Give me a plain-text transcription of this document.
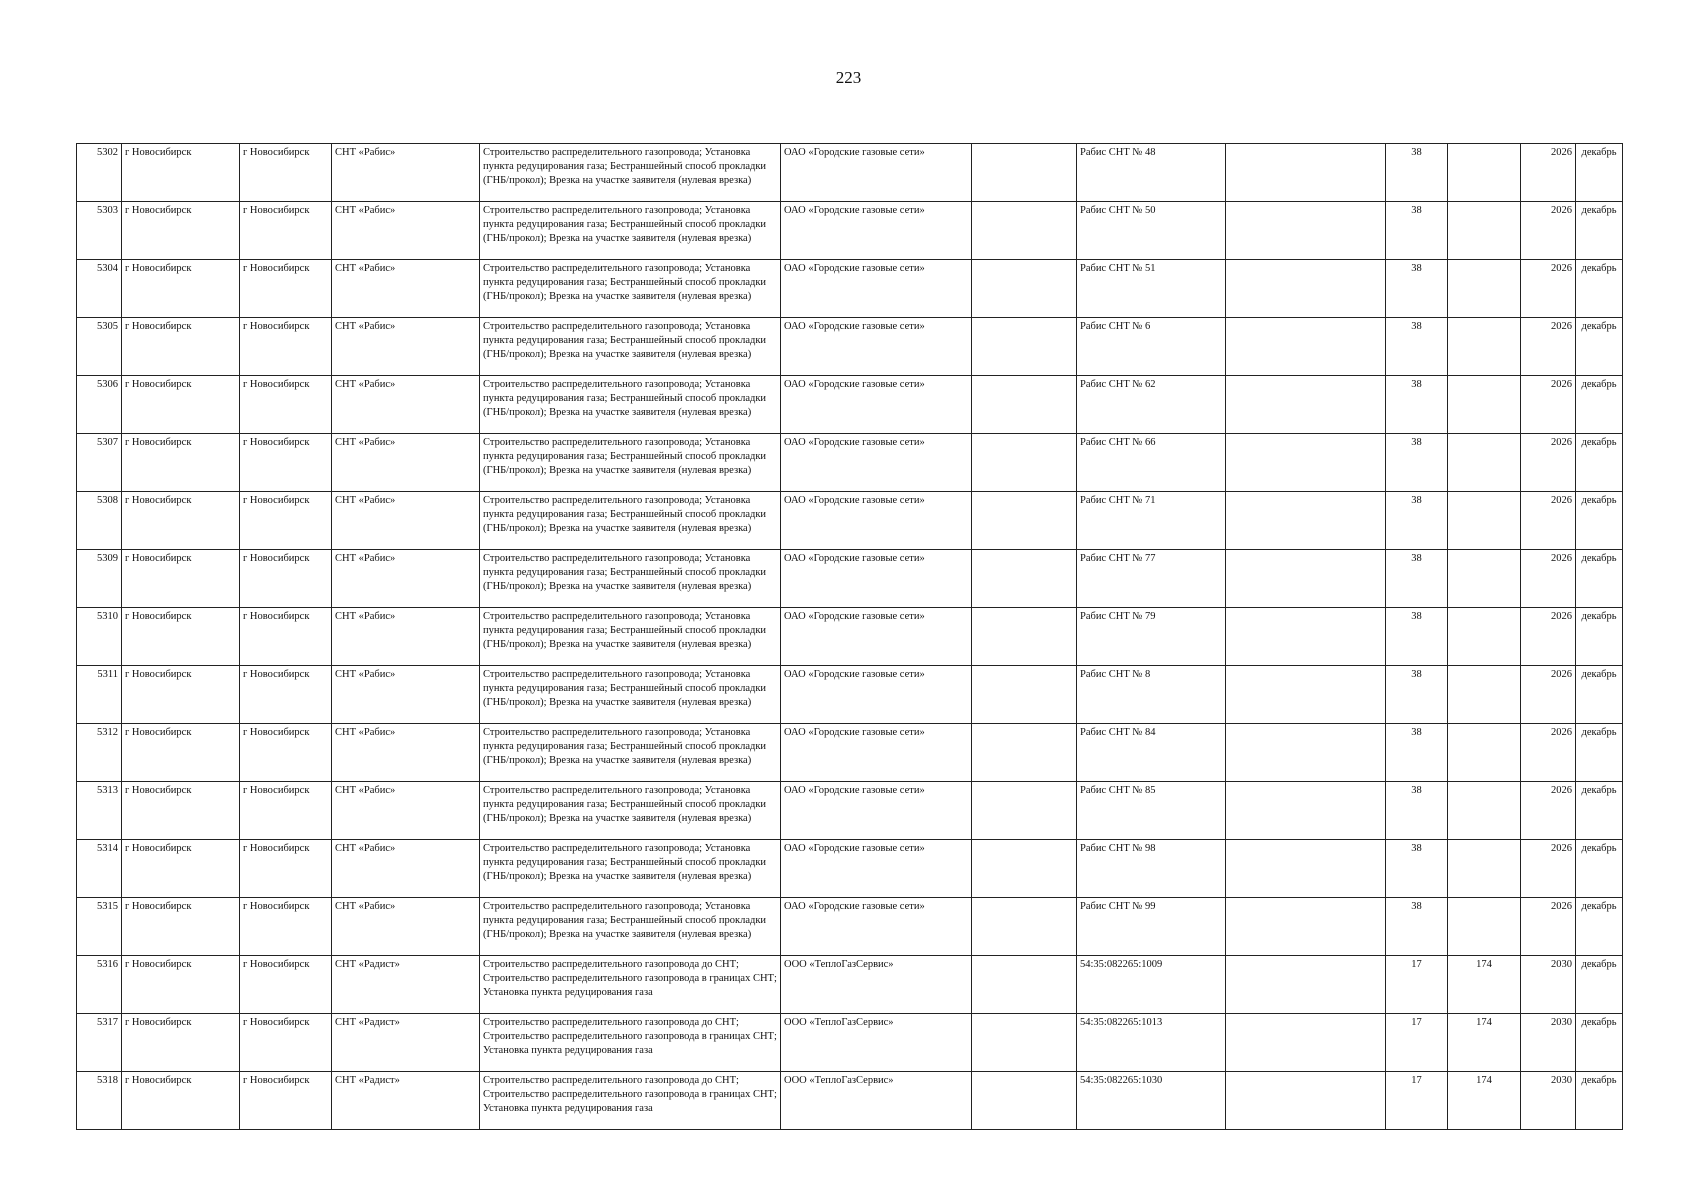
223
5302	г Новосибирск	г Новосибирск	СНТ «Рабис»	Строительство распределительного газопровода; Установка пункта редуцирования газа; Бестраншейный способ прокладки (ГНБ/прокол); Врезка на участке заявителя (нулевая врезка)	ОАО «Городские газовые сети»		Рабис СНТ № 48		38		2026	декабрь
5303	г Новосибирск	г Новосибирск	СНТ «Рабис»	Строительство распределительного газопровода; Установка пункта редуцирования газа; Бестраншейный способ прокладки (ГНБ/прокол); Врезка на участке заявителя (нулевая врезка)	ОАО «Городские газовые сети»		Рабис СНТ № 50		38		2026	декабрь
5304	г Новосибирск	г Новосибирск	СНТ «Рабис»	Строительство распределительного газопровода; Установка пункта редуцирования газа; Бестраншейный способ прокладки (ГНБ/прокол); Врезка на участке заявителя (нулевая врезка)	ОАО «Городские газовые сети»		Рабис СНТ № 51		38		2026	декабрь
5305	г Новосибирск	г Новосибирск	СНТ «Рабис»	Строительство распределительного газопровода; Установка пункта редуцирования газа; Бестраншейный способ прокладки (ГНБ/прокол); Врезка на участке заявителя (нулевая врезка)	ОАО «Городские газовые сети»		Рабис СНТ № 6		38		2026	декабрь
5306	г Новосибирск	г Новосибирск	СНТ «Рабис»	Строительство распределительного газопровода; Установка пункта редуцирования газа; Бестраншейный способ прокладки (ГНБ/прокол); Врезка на участке заявителя (нулевая врезка)	ОАО «Городские газовые сети»		Рабис СНТ № 62		38		2026	декабрь
5307	г Новосибирск	г Новосибирск	СНТ «Рабис»	Строительство распределительного газопровода; Установка пункта редуцирования газа; Бестраншейный способ прокладки (ГНБ/прокол); Врезка на участке заявителя (нулевая врезка)	ОАО «Городские газовые сети»		Рабис СНТ № 66		38		2026	декабрь
5308	г Новосибирск	г Новосибирск	СНТ «Рабис»	Строительство распределительного газопровода; Установка пункта редуцирования газа; Бестраншейный способ прокладки (ГНБ/прокол); Врезка на участке заявителя (нулевая врезка)	ОАО «Городские газовые сети»		Рабис СНТ № 71		38		2026	декабрь
5309	г Новосибирск	г Новосибирск	СНТ «Рабис»	Строительство распределительного газопровода; Установка пункта редуцирования газа; Бестраншейный способ прокладки (ГНБ/прокол); Врезка на участке заявителя (нулевая врезка)	ОАО «Городские газовые сети»		Рабис СНТ № 77		38		2026	декабрь
5310	г Новосибирск	г Новосибирск	СНТ «Рабис»	Строительство распределительного газопровода; Установка пункта редуцирования газа; Бестраншейный способ прокладки (ГНБ/прокол); Врезка на участке заявителя (нулевая врезка)	ОАО «Городские газовые сети»		Рабис СНТ № 79		38		2026	декабрь
5311	г Новосибирск	г Новосибирск	СНТ «Рабис»	Строительство распределительного газопровода; Установка пункта редуцирования газа; Бестраншейный способ прокладки (ГНБ/прокол); Врезка на участке заявителя (нулевая врезка)	ОАО «Городские газовые сети»		Рабис СНТ № 8		38		2026	декабрь
5312	г Новосибирск	г Новосибирск	СНТ «Рабис»	Строительство распределительного газопровода; Установка пункта редуцирования газа; Бестраншейный способ прокладки (ГНБ/прокол); Врезка на участке заявителя (нулевая врезка)	ОАО «Городские газовые сети»		Рабис СНТ № 84		38		2026	декабрь
5313	г Новосибирск	г Новосибирск	СНТ «Рабис»	Строительство распределительного газопровода; Установка пункта редуцирования газа; Бестраншейный способ прокладки (ГНБ/прокол); Врезка на участке заявителя (нулевая врезка)	ОАО «Городские газовые сети»		Рабис СНТ № 85		38		2026	декабрь
5314	г Новосибирск	г Новосибирск	СНТ «Рабис»	Строительство распределительного газопровода; Установка пункта редуцирования газа; Бестраншейный способ прокладки (ГНБ/прокол); Врезка на участке заявителя (нулевая врезка)	ОАО «Городские газовые сети»		Рабис СНТ № 98		38		2026	декабрь
5315	г Новосибирск	г Новосибирск	СНТ «Рабис»	Строительство распределительного газопровода; Установка пункта редуцирования газа; Бестраншейный способ прокладки (ГНБ/прокол); Врезка на участке заявителя (нулевая врезка)	ОАО «Городские газовые сети»		Рабис СНТ № 99		38		2026	декабрь
5316	г Новосибирск	г Новосибирск	СНТ «Радист»	Строительство распределительного газопровода до СНТ; Строительство распределительного газопровода в границах СНТ; Установка пункта редуцирования газа	ООО «ТеплоГазСервис»		54:35:082265:1009		17	174	2030	декабрь
5317	г Новосибирск	г Новосибирск	СНТ «Радист»	Строительство распределительного газопровода до СНТ; Строительство распределительного газопровода в границах СНТ; Установка пункта редуцирования газа	ООО «ТеплоГазСервис»		54:35:082265:1013		17	174	2030	декабрь
5318	г Новосибирск	г Новосибирск	СНТ «Радист»	Строительство распределительного газопровода до СНТ; Строительство распределительного газопровода в границах СНТ; Установка пункта редуцирования газа	ООО «ТеплоГазСервис»		54:35:082265:1030		17	174	2030	декабрь
